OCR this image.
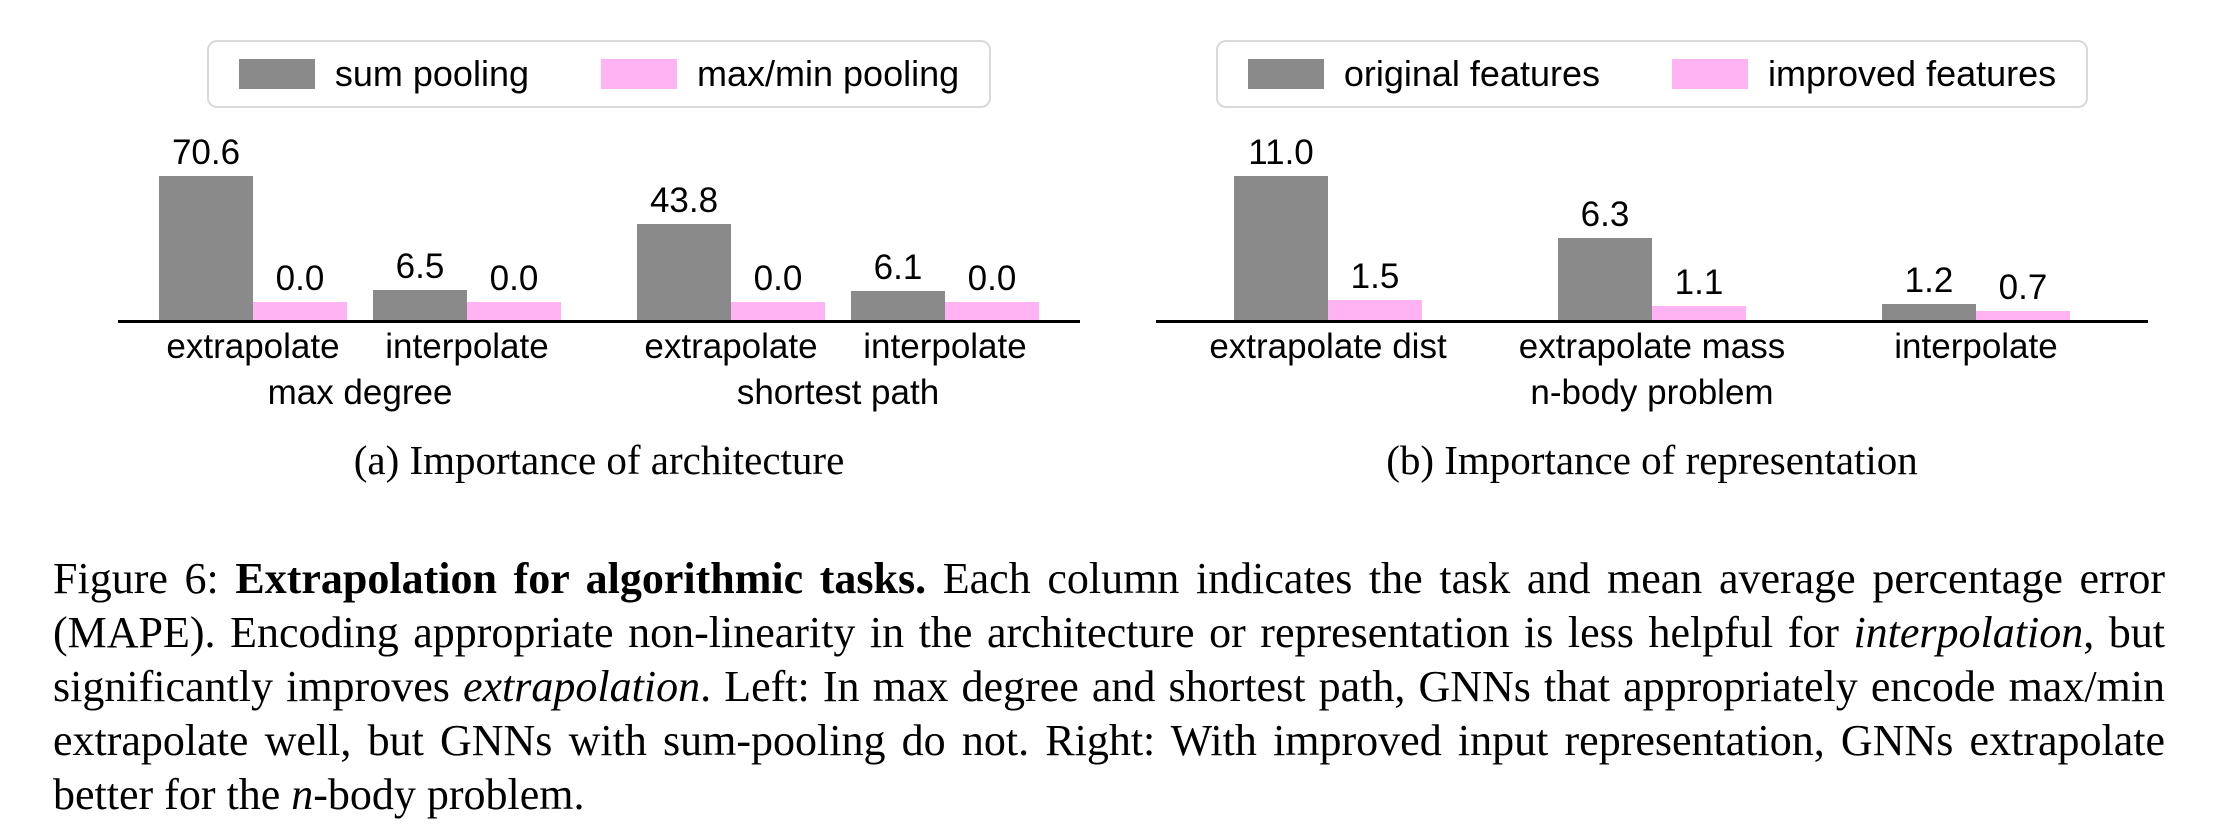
sum pooling	max/min pooling
70.6
0.0 6.5 0.0
43.8
0.0 6.1 0.0
extrapolate	interpolate	extrapolate	interpolate
max degree	shortest path
(a) Importance of architecture
original features	improved features
11.0
1.5
6.3
1.1	1.2 0.7
extrapolate dist	extrapolate mass	interpolate
n-body problem
(b) Importance of representation

Figure 6: Extrapolation for algorithmic tasks. Each column indicates the task and mean average percentage error (MAPE). Encoding appropriate non-linearity in the architecture or representation is less helpful for interpolation, but significantly improves extrapolation. Left: In max degree and shortest path, GNNs that appropriately encode max/min extrapolate well, but GNNs with sum-pooling do not. Right: With improved input representation, GNNs extrapolate better for the n-body problem.
